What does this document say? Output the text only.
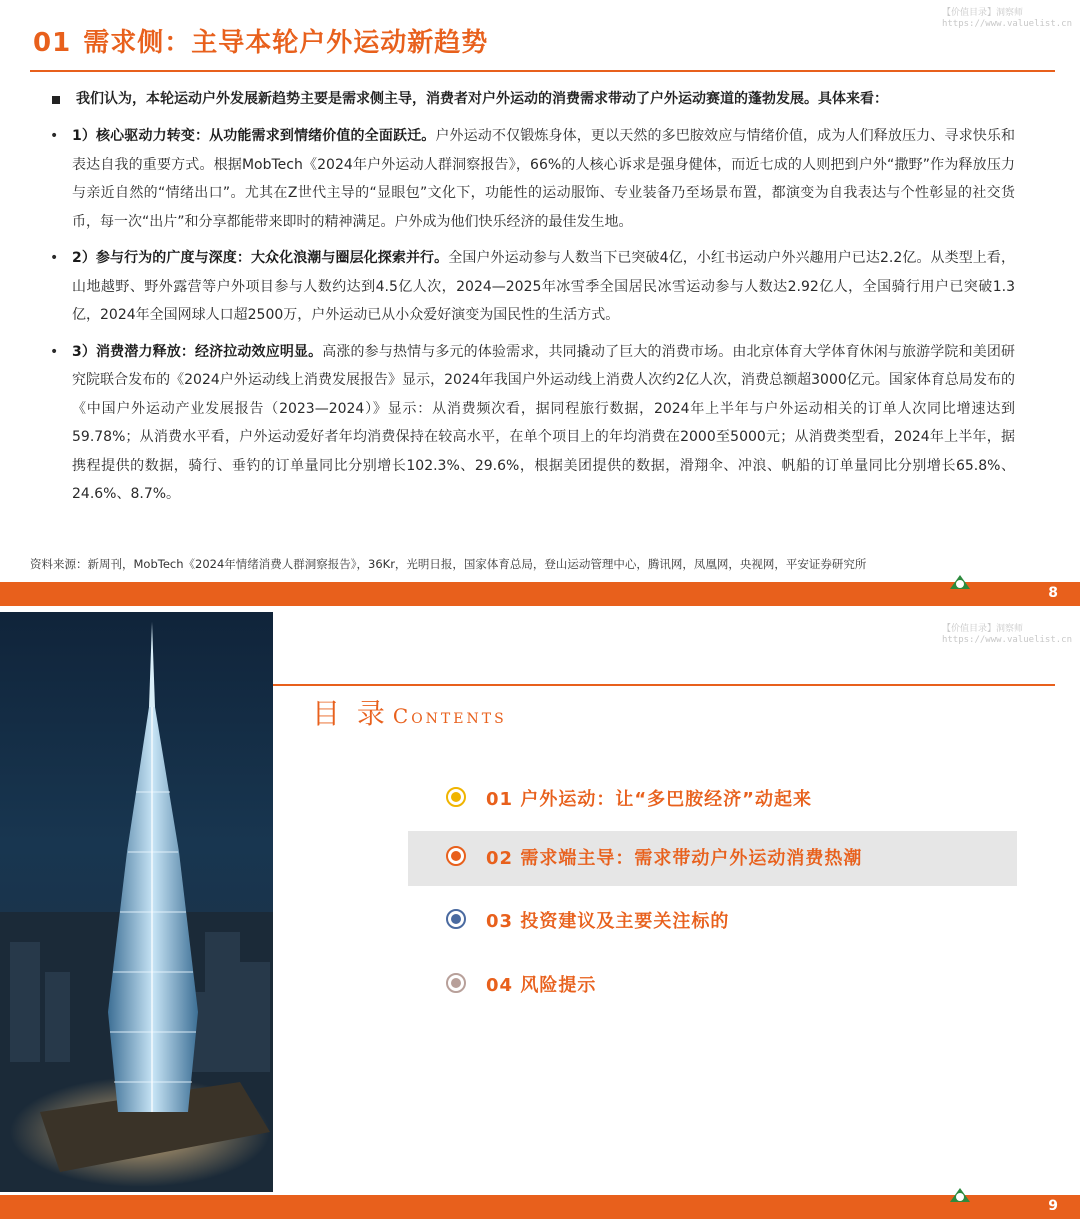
【价值目录】洞察师
https://www.valuelist.cn
01 需求侧：主导本轮户外运动新趋势
我们认为，本轮运动户外发展新趋势主要是需求侧主导，消费者对户外运动的消费需求带动了户外运动赛道的蓬勃发展。具体来看：
• 1）核心驱动力转变：从功能需求到情绪价值的全面跃迁。户外运动不仅锻炼身体，更以天然的多巴胺效应与情绪价值，成为人们释放压力、寻求快乐和表达自我的重要方式。根据MobTech《2024年户外运动人群洞察报告》，66%的人核心诉求是强身健体，而近七成的人则把到户外“撒野”作为释放压力与亲近自然的“情绪出口”。尤其在Z世代主导的“显眼包”文化下，功能性的运动服饰、专业装备乃至场景布置，都演变为自我表达与个性彰显的社交货币，每一次“出片”和分享都能带来即时的精神满足。户外成为他们快乐经济的最佳发生地。
• 2）参与行为的广度与深度：大众化浪潮与圈层化探索并行。全国户外运动参与人数当下已突破4亿，小红书运动户外兴趣用户已达2.2亿。从类型上看，山地越野、野外露营等户外项目参与人数约达到4.5亿人次，2024—2025年冰雪季全国居民冰雪运动参与人数达2.92亿人，全国骑行用户已突破1.3亿，2024年全国网球人口超2500万，户外运动已从小众爱好演变为国民性的生活方式。
• 3）消费潜力释放：经济拉动效应明显。高涨的参与热情与多元的体验需求，共同撬动了巨大的消费市场。由北京体育大学体育休闲与旅游学院和美团研究院联合发布的《2024户外运动线上消费发展报告》显示，2024年我国户外运动线上消费人次约2亿人次，消费总额超3000亿元。国家体育总局发布的《中国户外运动产业发展报告（2023—2024）》显示：从消费频次看，据同程旅行数据，2024年上半年与户外运动相关的订单人次同比增速达到59.78%；从消费水平看，户外运动爱好者年均消费保持在较高水平，在单个项目上的年均消费在2000至5000元；从消费类型看，2024年上半年，据携程提供的数据，骑行、垂钓的订单量同比分别增长102.3%、29.6%，根据美团提供的数据，滑翔伞、冲浪、帆船的订单量同比分别增长65.8%、24.6%、8.7%。
资料来源：新周刊，MobTech《2024年情绪消费人群洞察报告》，36Kr，光明日报，国家体育总局，登山运动管理中心，腾讯网，凤凰网，央视网，平安证券研究所
8
【价值目录】洞察师
https://www.valuelist.cn
目 录 Contents
01 户外运动：让“多巴胺经济”动起来
02 需求端主导：需求带动户外运动消费热潮
03 投资建议及主要关注标的
04 风险提示
9
